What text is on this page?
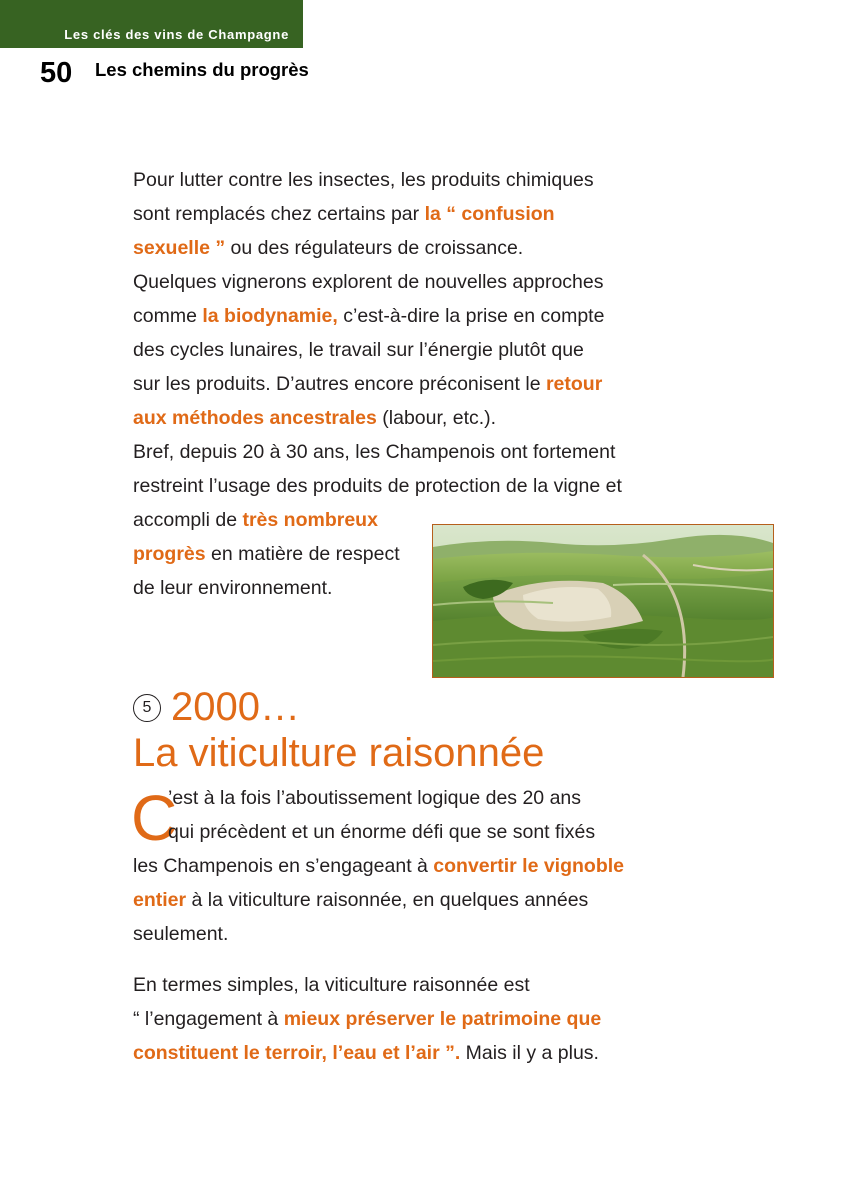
Les clés des vins de Champagne
50 Les chemins du progrès

Pour lutter contre les insectes, les produits chimiques
sont remplacés chez certains par la “ confusion
sexuelle ” ou des régulateurs de croissance.
Quelques vignerons explorent de nouvelles approches
comme la biodynamie, c’est-à-dire la prise en compte
des cycles lunaires, le travail sur l’énergie plutôt que
sur les produits. D’autres encore préconisent le retour
aux méthodes ancestrales (labour, etc.).
Bref, depuis 20 à 30 ans, les Champenois ont fortement
restreint l’usage des produits de protection de la vigne et
accompli de très nombreux
progrès en matière de respect
de leur environnement.

5 2000…
La viticulture raisonnée
C

’est à la fois l’aboutissement logique des 20 ans
qui précèdent et un énorme défi que se sont fixés
les Champenois en s’engageant à convertir le vignoble
entier à la viticulture raisonnée, en quelques années
seulement.

En termes simples, la viticulture raisonnée est
“ l’engagement à mieux préserver le patrimoine que
constituent le terroir, l’eau et l’air ”. Mais il y a plus.
